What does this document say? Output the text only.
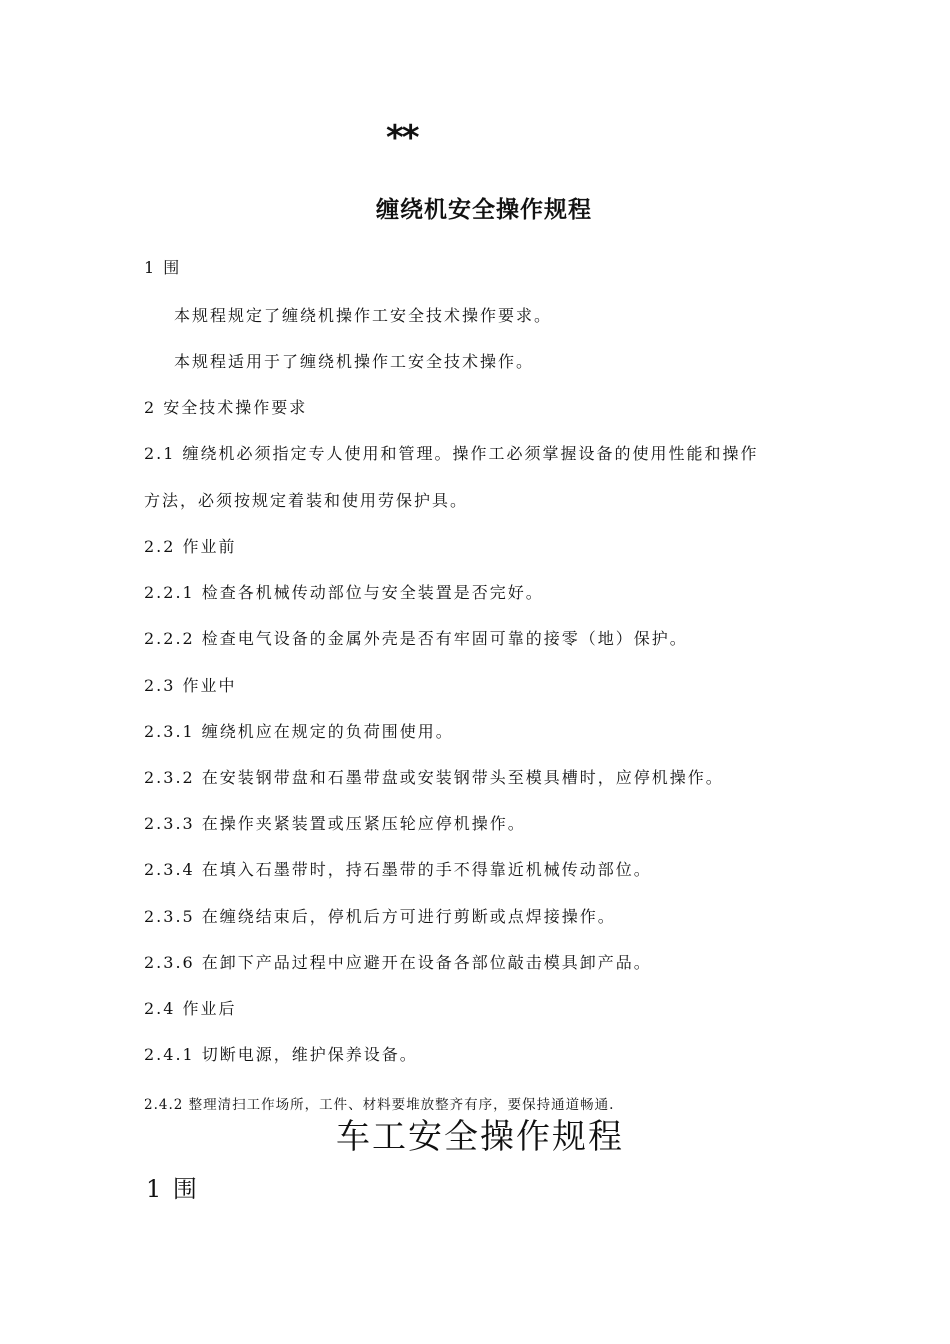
**
缠绕机安全操作规程
1 围
本规程规定了缠绕机操作工安全技术操作要求。
本规程适用于了缠绕机操作工安全技术操作。
2 安全技术操作要求
2.1 缠绕机必须指定专人使用和管理。操作工必须掌握设备的使用性能和操作
方法，必须按规定着装和使用劳保护具。
2.2 作业前
2.2.1 检查各机械传动部位与安全装置是否完好。
2.2.2 检查电气设备的金属外壳是否有牢固可靠的接零（地）保护。
2.3 作业中
2.3.1 缠绕机应在规定的负荷围使用。
2.3.2 在安装钢带盘和石墨带盘或安装钢带头至模具槽时，应停机操作。
2.3.3 在操作夹紧装置或压紧压轮应停机操作。
2.3.4 在填入石墨带时，持石墨带的手不得靠近机械传动部位。
2.3.5 在缠绕结束后，停机后方可进行剪断或点焊接操作。
2.3.6 在卸下产品过程中应避开在设备各部位敲击模具卸产品。
2.4 作业后
2.4.1 切断电源，维护保养设备。
2.4.2 整理清扫工作场所，工件、材料要堆放整齐有序，要保持通道畅通.
车工安全操作规程
1 围
